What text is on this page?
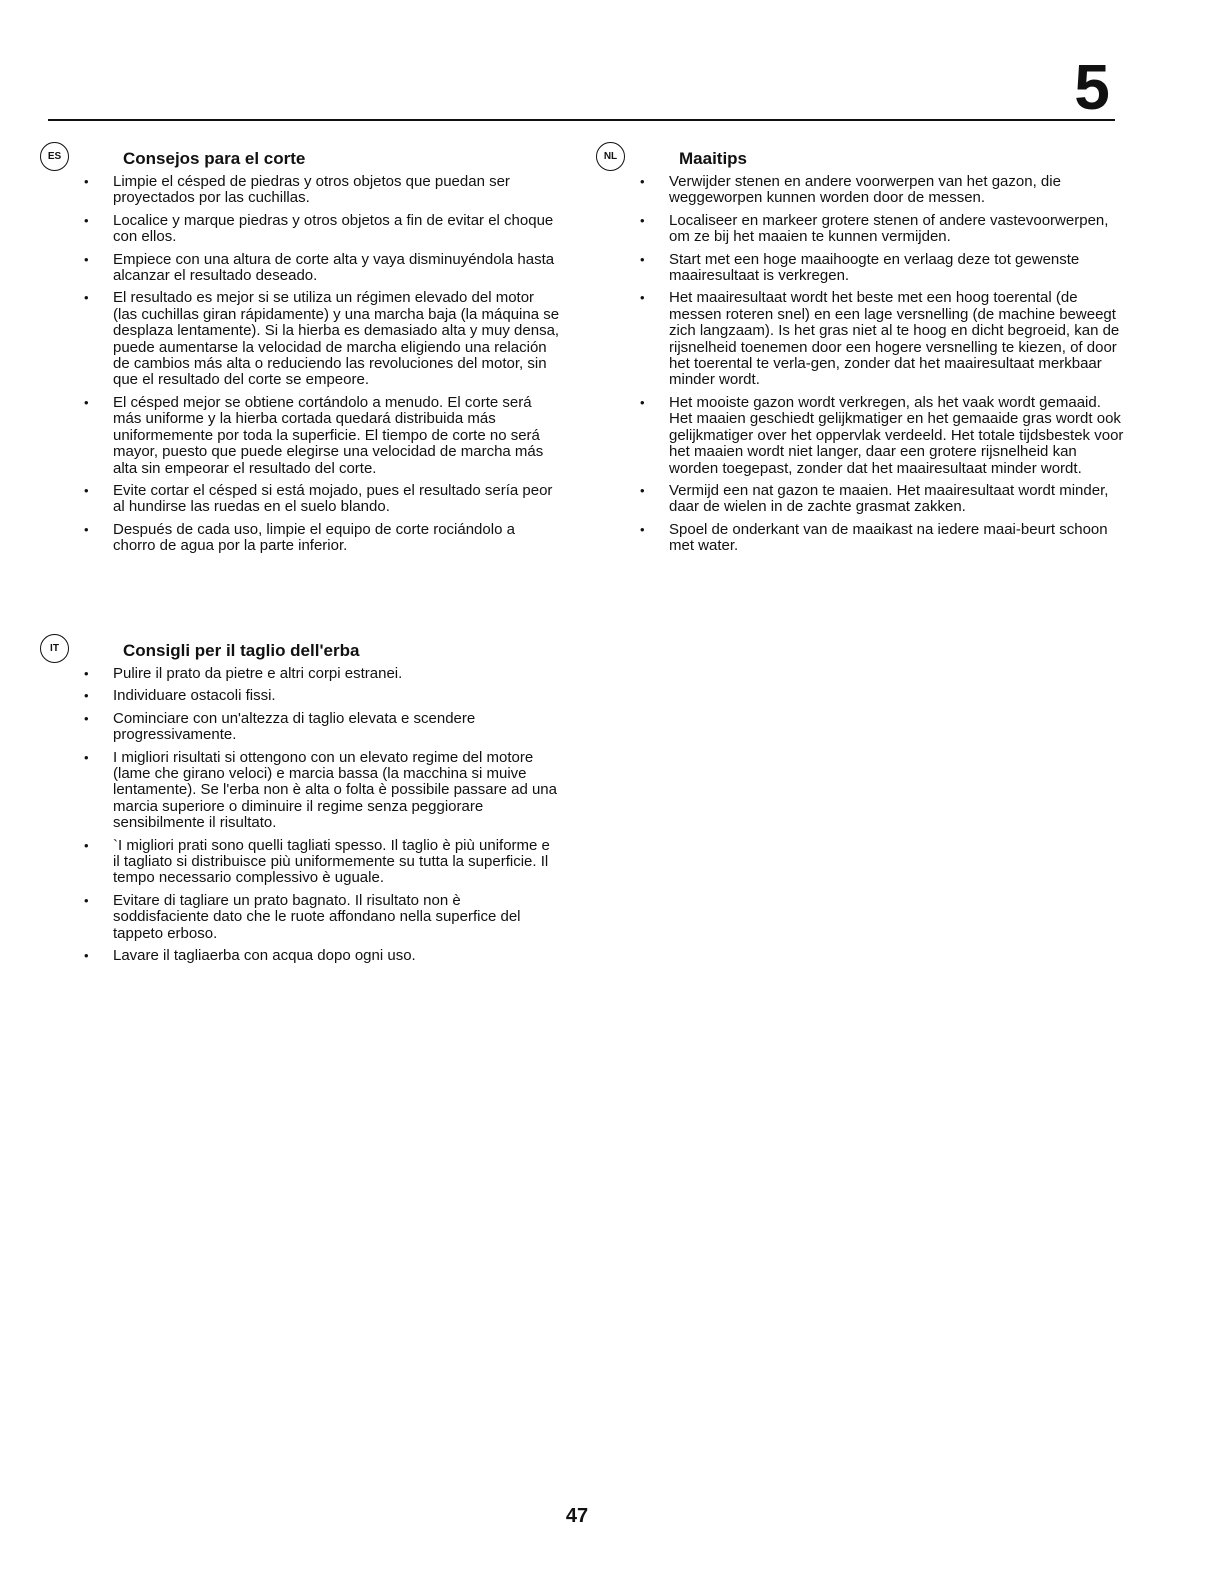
5
ES	Consejos para el corte
• Limpie el césped de piedras y otros objetos que puedan ser proyectados por las cuchillas.
• Localice y marque piedras y otros objetos a fin de evitar el choque con ellos.
• Empiece con una altura de corte alta y vaya disminuyéndola hasta alcanzar el resultado deseado.
• El resultado es mejor si se utiliza un régimen elevado del motor (las cuchillas giran rápidamente) y una marcha baja (la máquina se desplaza lentamente). Si la hierba es demasiado alta y muy densa, puede aumentarse la velocidad de marcha eligiendo una relación de cambios más alta o reduciendo las revoluciones del motor, sin que el resultado del corte se empeore.
• El césped mejor se obtiene cortándolo a menudo. El corte será más uniforme y la hierba cortada quedará distribuida más uniformemente por toda la superficie. El tiempo de corte no será mayor, puesto que puede elegirse una velocidad de marcha más alta sin empeorar el resultado del corte.
• Evite cortar el césped si está mojado, pues el resultado sería peor al hundirse las ruedas en el suelo blando.
• Después de cada uso, limpie el equipo de corte rociándolo a chorro de agua por la parte inferior.
IT	Consigli per il taglio dell'erba
• Pulire il prato da pietre e altri corpi estranei.
• Individuare ostacoli fissi.
• Cominciare con un'altezza di taglio elevata e scendere progressivamente.
• I migliori risultati si ottengono con un elevato regime del motore (lame che girano veloci) e marcia bassa (la macchina si muive lentamente). Se l'erba non è alta o folta è possibile passare ad una marcia superiore o diminuire il regime senza peggiorare sensibilmente il risultato.
• `I migliori prati sono quelli tagliati spesso. Il taglio è più uniforme e il tagliato si distribuisce più uniformemente su tutta la superficie. Il tempo necessario complessivo è uguale.
• Evitare di tagliare un prato bagnato. Il risultato non è soddisfaciente dato che le ruote affondano nella superfice del tappeto erboso.
• Lavare il tagliaerba con acqua dopo ogni uso.
NL	Maaitips
• Verwijder stenen en andere voorwerpen van het gazon, die weggeworpen kunnen worden door de messen.
• Localiseer en markeer grotere stenen of andere vastevoorwerpen, om ze bij het maaien te kunnen vermijden.
• Start met een hoge maaihoogte en verlaag deze tot gewenste maairesultaat is verkregen.
• Het maairesultaat wordt het beste met een hoog toerental (de messen roteren snel) en een lage versnelling (de machine beweegt zich langzaam). Is het gras niet al te hoog en dicht begroeid, kan de rijsnelheid toenemen door een hogere versnelling te kiezen, of door het toerental te verla-gen, zonder dat het maairesultaat merkbaar minder wordt.
• Het mooiste gazon wordt verkregen, als het vaak wordt gemaaid. Het maaien geschiedt gelijkmatiger en het gemaaide gras wordt ook gelijkmatiger over het oppervlak verdeeld. Het totale tijdsbestek voor het maaien wordt niet langer, daar een grotere rijsnelheid kan worden toegepast, zonder dat het maairesultaat minder wordt.
• Vermijd een nat gazon te maaien. Het maairesultaat wordt minder, daar de wielen in de zachte grasmat zakken.
• Spoel de onderkant van de maaikast na iedere maai-beurt schoon met water.
47
